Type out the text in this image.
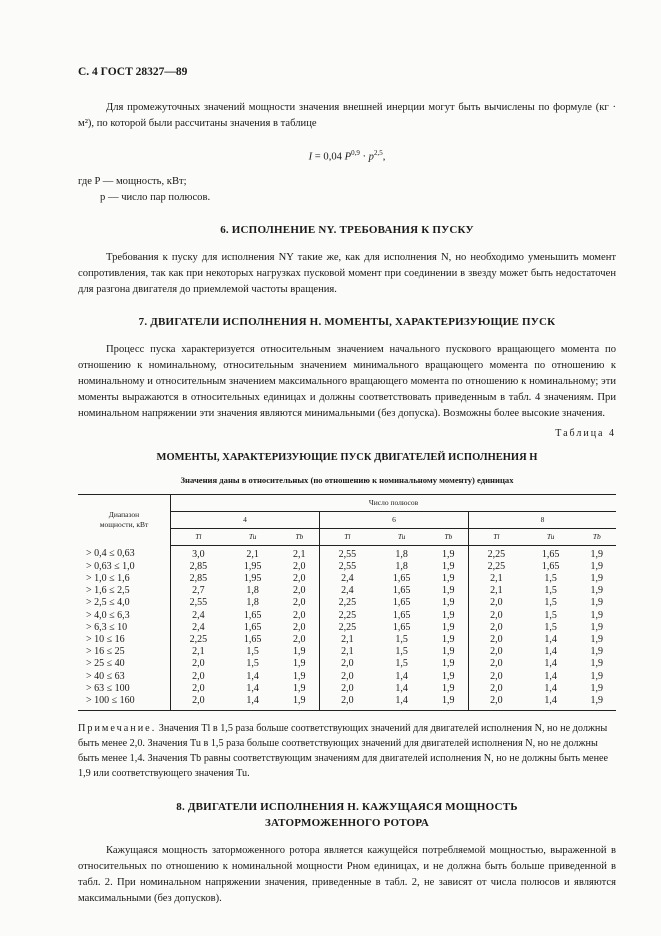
С. 4 ГОСТ 28327—89

Для промежуточных значений мощности значения внешней инерции могут быть вычислены по формуле (кг · м²), по которой были рассчитаны значения в таблице

I = 0,04 $P^{0,9} \cdot p^{2,5}$,
где P — мощность, кВт;
p — число пар полюсов.
6. ИСПОЛНЕНИЕ NY. ТРЕБОВАНИЯ К ПУСКУ

Требования к пуску для исполнения NY такие же, как для исполнения N, но необходимо уменьшить момент сопротивления, так как при некоторых нагрузках пусковой момент при соединении в звезду может быть недостаточен для разгона двигателя до приемлемой частоты вращения.

7. ДВИГАТЕЛИ ИСПОЛНЕНИЯ Н. МОМЕНТЫ, ХАРАКТЕРИЗУЮЩИЕ ПУСК

Процесс пуска характеризуется относительным значением начального пускового вращающего момента по отношению к номинальному, относительным значением минимального вращающего момента по отношению к номинальному и относительным значением максимального вращающего момента по отношению к номинальному; эти моменты выражаются в относительных единицах и должны соответствовать приведенным в табл. 4 значениям. При номинальном напряжении эти значения являются минимальными (без допуска). Возможны более высокие значения.

Таблица 4
МОМЕНТЫ, ХАРАКТЕРИЗУЮЩИЕ ПУСК ДВИГАТЕЛЕЙ ИСПОЛНЕНИЯ Н
Значения даны в относительных (по отношению к номинальному моменту) единицах
Диапазон
мощности, кВт	Число полюсов								
	4			6			8		
	Tl	Tu	Tb	Tl	Tu	Tb	Tl	Tu	Tb
> 0,4 ≤ 0,63	3,0	2,1	2,1	2,55	1,8	1,9	2,25	1,65	1,9
> 0,63 ≤ 1,0	2,85	1,95	2,0	2,55	1,8	1,9	2,25	1,65	1,9
> 1,0 ≤ 1,6	2,85	1,95	2,0	2,4	1,65	1,9	2,1	1,5	1,9
> 1,6 ≤ 2,5	2,7	1,8	2,0	2,4	1,65	1,9	2,1	1,5	1,9
> 2,5 ≤ 4,0	2,55	1,8	2,0	2,25	1,65	1,9	2,0	1,5	1,9
> 4,0 ≤ 6,3	2,4	1,65	2,0	2,25	1,65	1,9	2,0	1,5	1,9
> 6,3 ≤ 10	2,4	1,65	2,0	2,25	1,65	1,9	2,0	1,5	1,9
> 10 ≤ 16	2,25	1,65	2,0	2,1	1,5	1,9	2,0	1,4	1,9
> 16 ≤ 25	2,1	1,5	1,9	2,1	1,5	1,9	2,0	1,4	1,9
> 25 ≤ 40	2,0	1,5	1,9	2,0	1,5	1,9	2,0	1,4	1,9
> 40 ≤ 63	2,0	1,4	1,9	2,0	1,4	1,9	2,0	1,4	1,9
> 63 ≤ 100	2,0	1,4	1,9	2,0	1,4	1,9	2,0	1,4	1,9
> 100 ≤ 160	2,0	1,4	1,9	2,0	1,4	1,9	2,0	1,4	1,9
Примечание. Значения Tl в 1,5 раза больше соответствующих значений для двигателей исполнения N, но не должны быть менее 2,0. Значения Tu в 1,5 раза больше соответствующих значений для двигателей исполнения N, но не должны быть менее 1,4. Значения Tb равны соответствующим значениям для двигателей исполнения N, но не должны быть менее 1,9 или соответствующего значения Tu.
8. ДВИГАТЕЛИ ИСПОЛНЕНИЯ Н. КАЖУЩАЯСЯ МОЩНОСТЬ
ЗАТОРМОЖЕННОГО РОТОРА

Кажущаяся мощность заторможенного ротора является кажущейся потребляемой мощностью, выраженной в относительных по отношению к номинальной мощности Pном единицах, и не должна быть больше приведенной в табл. 2. При номинальном напряжении значения, приведенные в табл. 2, не зависят от числа полюсов и являются максимальными (без допусков).
